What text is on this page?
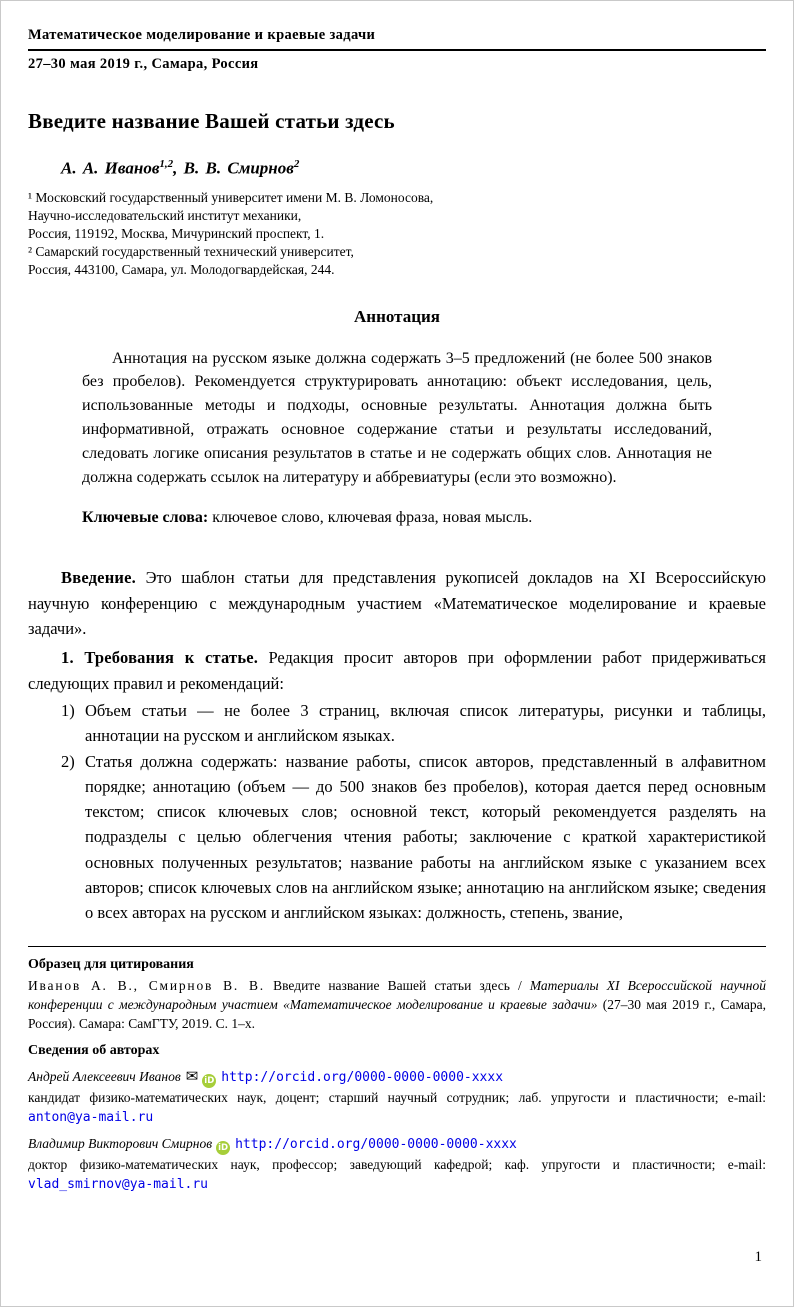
Математическое моделирование и краевые задачи
27–30 мая 2019 г., Самара, Россия
Введите название Вашей статьи здесь
А. А. Иванов$^{1,2}$, В. В. Смирнов$^2$
¹ Московский государственный университет имени М. В. Ломоносова,
Научно-исследовательский институт механики,
Россия, 119192, Москва, Мичуринский проспект, 1.
² Самарский государственный технический университет,
Россия, 443100, Самара, ул. Молодогвардейская, 244.
Аннотация

Аннотация на русском языке должна содержать 3–5 предложений (не более 500 знаков без пробелов). Рекомендуется структурировать аннотацию: объект исследования, цель, использованные методы и подходы, основные результаты. Аннотация должна быть информативной, отражать основное содержание статьи и результаты исследований, следовать логике описания результатов в статье и не содержать общих слов. Аннотация не должна содержать ссылок на литературу и аббревиатуры (если это возможно).

Ключевые слова: ключевое слово, ключевая фраза, новая мысль.

Введение. Это шаблон статьи для представления рукописей докладов на XI Всероссийскую научную конференцию с международным участием «Математическое моделирование и краевые задачи».

1. Требования к статье. Редакция просит авторов при оформлении работ придерживаться следующих правил и рекомендаций:

1) Объем статьи — не более 3 страниц, включая список литературы, рисунки и таблицы, аннотации на русском и английском языках.
2) Статья должна содержать: название работы, список авторов, представленный в алфавитном порядке; аннотацию (объем — до 500 знаков без пробелов), которая дается перед основным текстом; список ключевых слов; основной текст, который рекомендуется разделять на подразделы с целью облегчения чтения работы; заключение с краткой характеристикой основных полученных результатов; название работы на английском языке с указанием всех авторов; список ключевых слов на английском языке; аннотацию на английском языке; сведения о всех авторах на русском и английском языках: должность, степень, звание,
Образец для цитирования

Иванов А. В., Смирнов В. В. Введите название Вашей статьи здесь / Материалы XI Всероссийской научной конференции с международным участием «Математическое моделирование и краевые задачи» (27–30 мая 2019 г., Самара, Россия). Самара: СамГТУ, 2019. С. 1–х.

Сведения об авторах
Андрей Алексеевич Иванов ✉ iD http://orcid.org/0000-0000-0000-xxxx

кандидат физико-математических наук, доцент; старший научный сотрудник; лаб. упругости и пластичности; e-mail: anton@ya-mail.ru

Владимир Викторович Смирнов iD http://orcid.org/0000-0000-0000-xxxx

доктор физико-математических наук, профессор; заведующий кафедрой; каф. упругости и пластичности; e-mail: vlad_smirnov@ya-mail.ru

1
